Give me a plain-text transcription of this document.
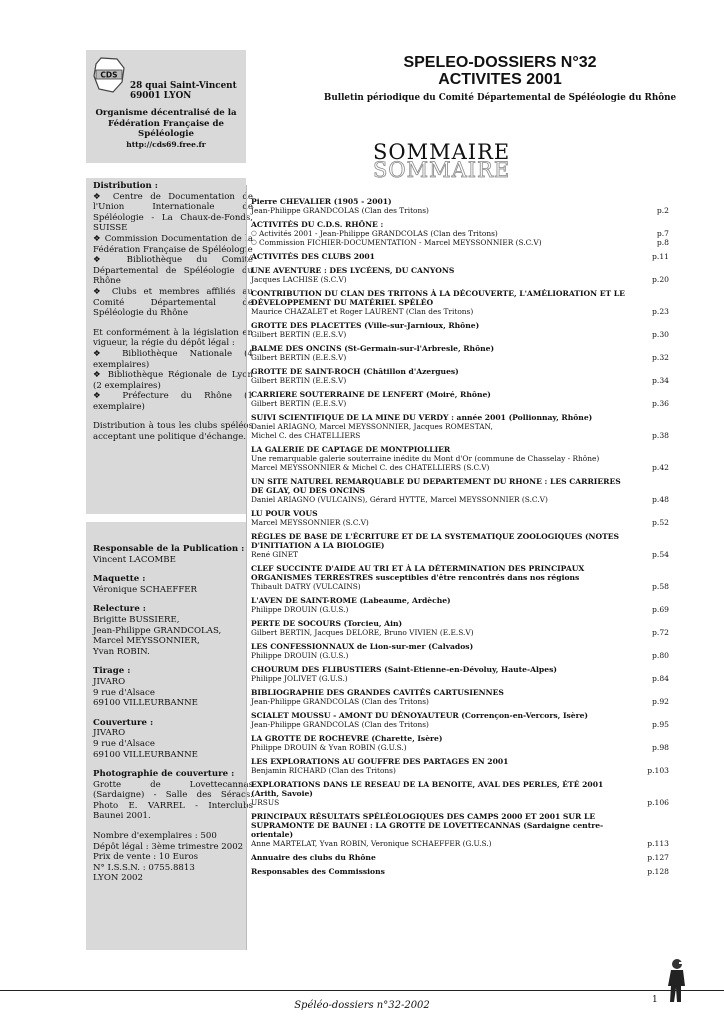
CDS
28 quai Saint-Vincent
69001 LYON
Organisme décentralisé de la
Fédération Française de
Spéléologie
http://cds69.free.fr

Distribution :

❖ Centre de Documentation de l'Union Internationale de Spéléologie - La Chaux-de-Fonds, SUISSE

❖ Commission Documentation de la Fédération Française de Spéléologie

❖ Bibliothèque du Comité Départemental de Spéléologie du Rhône

❖ Clubs et membres affiliés au Comité Départemental de Spéléologie du Rhône

Et conformément à la législation en vigueur, la régie du dépôt légal :

❖ Bibliothèque Nationale (4 exemplaires)

❖ Bibliothèque Régionale de Lyon (2 exemplaires)

❖ Préfecture du Rhône (1 exemplaire)

Distribution à tous les clubs spéléos acceptant une politique d'échange.

Responsable de la Publication :

Vincent LACOMBE

Maquette :

Véronique SCHAEFFER

Relecture :

Brigitte BUSSIERE,

Jean-Philippe GRANDCOLAS,

Marcel MEYSSONNIER,

Yvan ROBIN.

Tirage :

JIVARO

9 rue d'Alsace

69100 VILLEURBANNE

Couverture :

JIVARO

9 rue d'Alsace

69100 VILLEURBANNE

Photographie de couverture :

Grotte de Lovettecannas (Sardaigne) - Salle des Séracs. Photo E. VARREL - Interclubs Baunei 2001.

Nombre d'exemplaires : 500

Dépôt légal : 3ème trimestre 2002

Prix de vente : 10 Euros

N° I.S.S.N. : 0755.8813

LYON 2002

SPELEO-DOSSIERS N°32
ACTIVITES 2001
Bulletin périodique du Comité Départemental de Spéléologie du Rhône
SOMMAIRE
SOMMAIRE
Pierre CHEVALIER (1905 - 2001)
Jean-Philippe GRANDCOLAS (Clan des Tritons)	p.2
ACTIVITÉS DU C.D.S. RHÔNE :
○ Activités 2001 - Jean-Philippe GRANDCOLAS (Clan des Tritons)	p.7
○ Commission FICHIER-DOCUMENTATION - Marcel MEYSSONNIER (S.C.V)	p.8
ACTIVITÉS DES CLUBS 2001	p.11
UNE AVENTURE : DES LYCÉENS, DU CANYONS
Jacques LACHISE (S.C.V)	p.20
CONTRIBUTION DU CLAN DES TRITONS À LA DÉCOUVERTE, L'AMÉLIORATION ET LE DÉVELOPPEMENT DU MATÉRIEL SPÉLÉO
Maurice CHAZALET et Roger LAURENT (Clan des Tritons)	p.23
GROTTE DES PLACETTES (Ville-sur-Jarnioux, Rhône)
Gilbert BERTIN (E.E.S.V)	p.30
BALME DES ONCINS (St-Germain-sur-l'Arbresle, Rhône)
Gilbert BERTIN (E.E.S.V)	p.32
GROTTE DE SAINT-ROCH (Châtillon d'Azergues)
Gilbert BERTIN (E.E.S.V)	p.34
CARRIERE SOUTERRAINE DE LENFERT (Moiré, Rhône)
Gilbert BERTIN (E.E.S.V)	p.36
SUIVI SCIENTIFIQUE DE LA MINE DU VERDY : année 2001 (Pollionnay, Rhône)
Daniel ARIAGNO, Marcel MEYSSONNIER, Jacques ROMESTAN,
Michel C. des CHATELLIERS	p.38
LA GALERIE DE CAPTAGE DE MONTPIOLLIER
Une remarquable galerie souterraine inédite du Mont d'Or (commune de Chasselay - Rhône)
Marcel MEYSSONNIER & Michel C. des CHATELLIERS (S.C.V)	p.42
UN SITE NATUREL REMARQUABLE DU DEPARTEMENT DU RHONE : LES CARRIERES DE GLAY, OU DES ONCINS
Daniel ARIAGNO (VULCAINS), Gérard HYTTE, Marcel MEYSSONNIER (S.C.V)	p.48
LU POUR VOUS
Marcel MEYSSONNIER (S.C.V)	p.52
RÈGLES DE BASE DE L'ÉCRITURE ET DE LA SYSTEMATIQUE ZOOLOGIQUES (NOTES D'INITIATION A LA BIOLOGIE)
René GINET	p.54
CLEF SUCCINTE D'AIDE AU TRI ET À LA DÉTERMINATION DES PRINCIPAUX ORGANISMES TERRESTRES susceptibles d'être rencontrés dans nos régions
Thibault DATRY (VULCAINS)	p.58
L'AVEN DE SAINT-ROME (Labeaume, Ardèche)
Philippe DROUIN (G.U.S.)	p.69
PERTE DE SOCOURS (Torcieu, Ain)
Gilbert BERTIN, Jacques DELORE, Bruno VIVIEN (E.E.S.V)	p.72
LES CONFESSIONNAUX de Lion-sur-mer (Calvados)
Philippe DROUIN (G.U.S.)	p.80
CHOURUM DES FLIBUSTIERS (Saint-Etienne-en-Dévoluy, Haute-Alpes)
Philippe JOLIVET (G.U.S.)	p.84
BIBLIOGRAPHIE DES GRANDES CAVITÉS CARTUSIENNES
Jean-Philippe GRANDCOLAS (Clan des Tritons)	p.92
SCIALET MOUSSU - AMONT DU DÉNOYAUTEUR (Corrençon-en-Vercors, Isère)
Jean-Philippe GRANDCOLAS (Clan des Tritons)	p.95
LA GROTTE DE ROCHEVRE (Charette, Isère)
Philippe DROUIN & Yvan ROBIN (G.U.S.)	p.98
LES EXPLORATIONS AU GOUFFRE DES PARTAGES EN 2001
Benjamin RICHARD (Clan des Tritons)	p.103
EXPLORATIONS DANS LE RESEAU DE LA BENOITE, AVAL DES PERLES, ÉTÉ 2001 (Arith, Savoie)
URSUS	p.106
PRINCIPAUX RÉSULTATS SPÉLÉOLOGIQUES DES CAMPS 2000 ET 2001 SUR LE SUPRAMONTE DE BAUNEI : LA GROTTE DE LOVETTECANNAS (Sardaigne centre-orientale)
Anne MARTELAT, Yvan ROBIN, Veronique SCHAEFFER (G.U.S.)	p.113
Annuaire des clubs du Rhône	p.127
Responsables des Commissions	p.128
1
Spéléo-dossiers n°32-2002
